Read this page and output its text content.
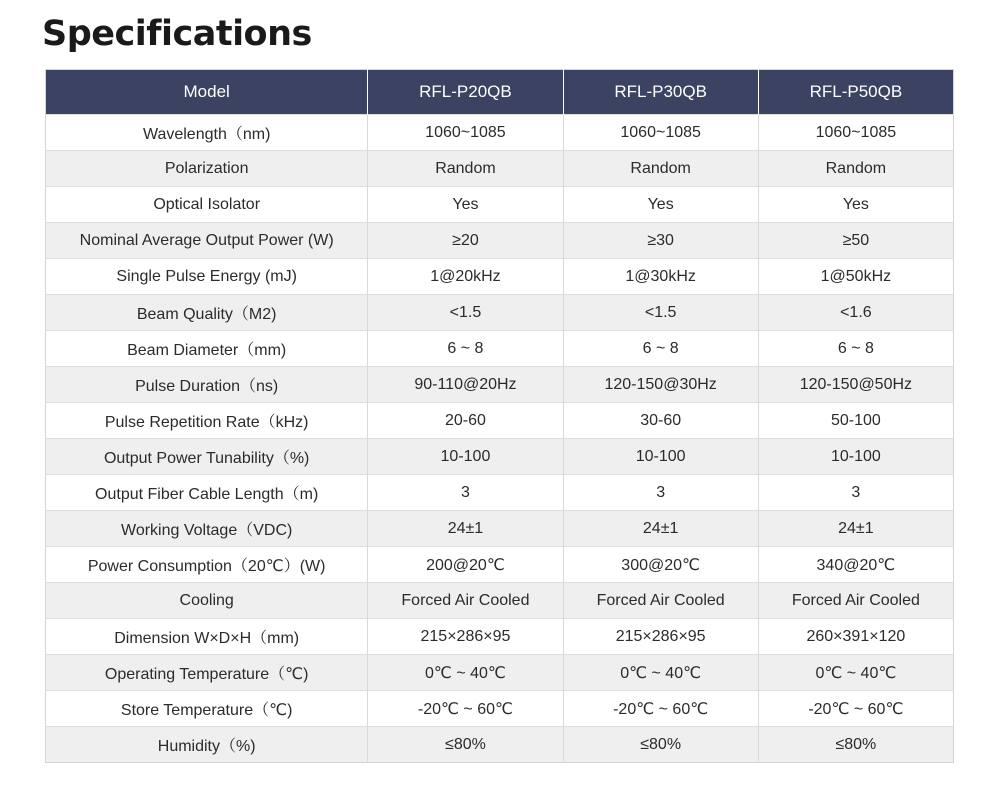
Specifications
Model	RFL-P20QB	RFL-P30QB	RFL-P50QB
Wavelength（nm)	1060~1085	1060~1085	1060~1085
Polarization	Random	Random	Random
Optical Isolator	Yes	Yes	Yes
Nominal Average Output Power (W)	≥20	≥30	≥50
Single Pulse Energy (mJ)	1@20kHz	1@30kHz	1@50kHz
Beam Quality（M2)	<1.5	<1.5	<1.6
Beam Diameter（mm)	6 ~ 8	6 ~ 8	6 ~ 8
Pulse Duration（ns)	90-110@20Hz	120-150@30Hz	120-150@50Hz
Pulse Repetition Rate（kHz)	20-60	30-60	50-100
Output Power Tunability（%)	10-100	10-100	10-100
Output Fiber Cable Length（m)	3	3	3
Working Voltage（VDC)	24±1	24±1	24±1
Power Consumption（20℃）(W)	200@20℃	300@20℃	340@20℃
Cooling	Forced Air Cooled	Forced Air Cooled	Forced Air Cooled
Dimension W×D×H（mm)	215×286×95	215×286×95	260×391×120
Operating Temperature（℃)	0℃ ~ 40℃	0℃ ~ 40℃	0℃ ~ 40℃
Store Temperature（℃)	-20℃ ~ 60℃	-20℃ ~ 60℃	-20℃ ~ 60℃
Humidity（%)	≤80%	≤80%	≤80%
